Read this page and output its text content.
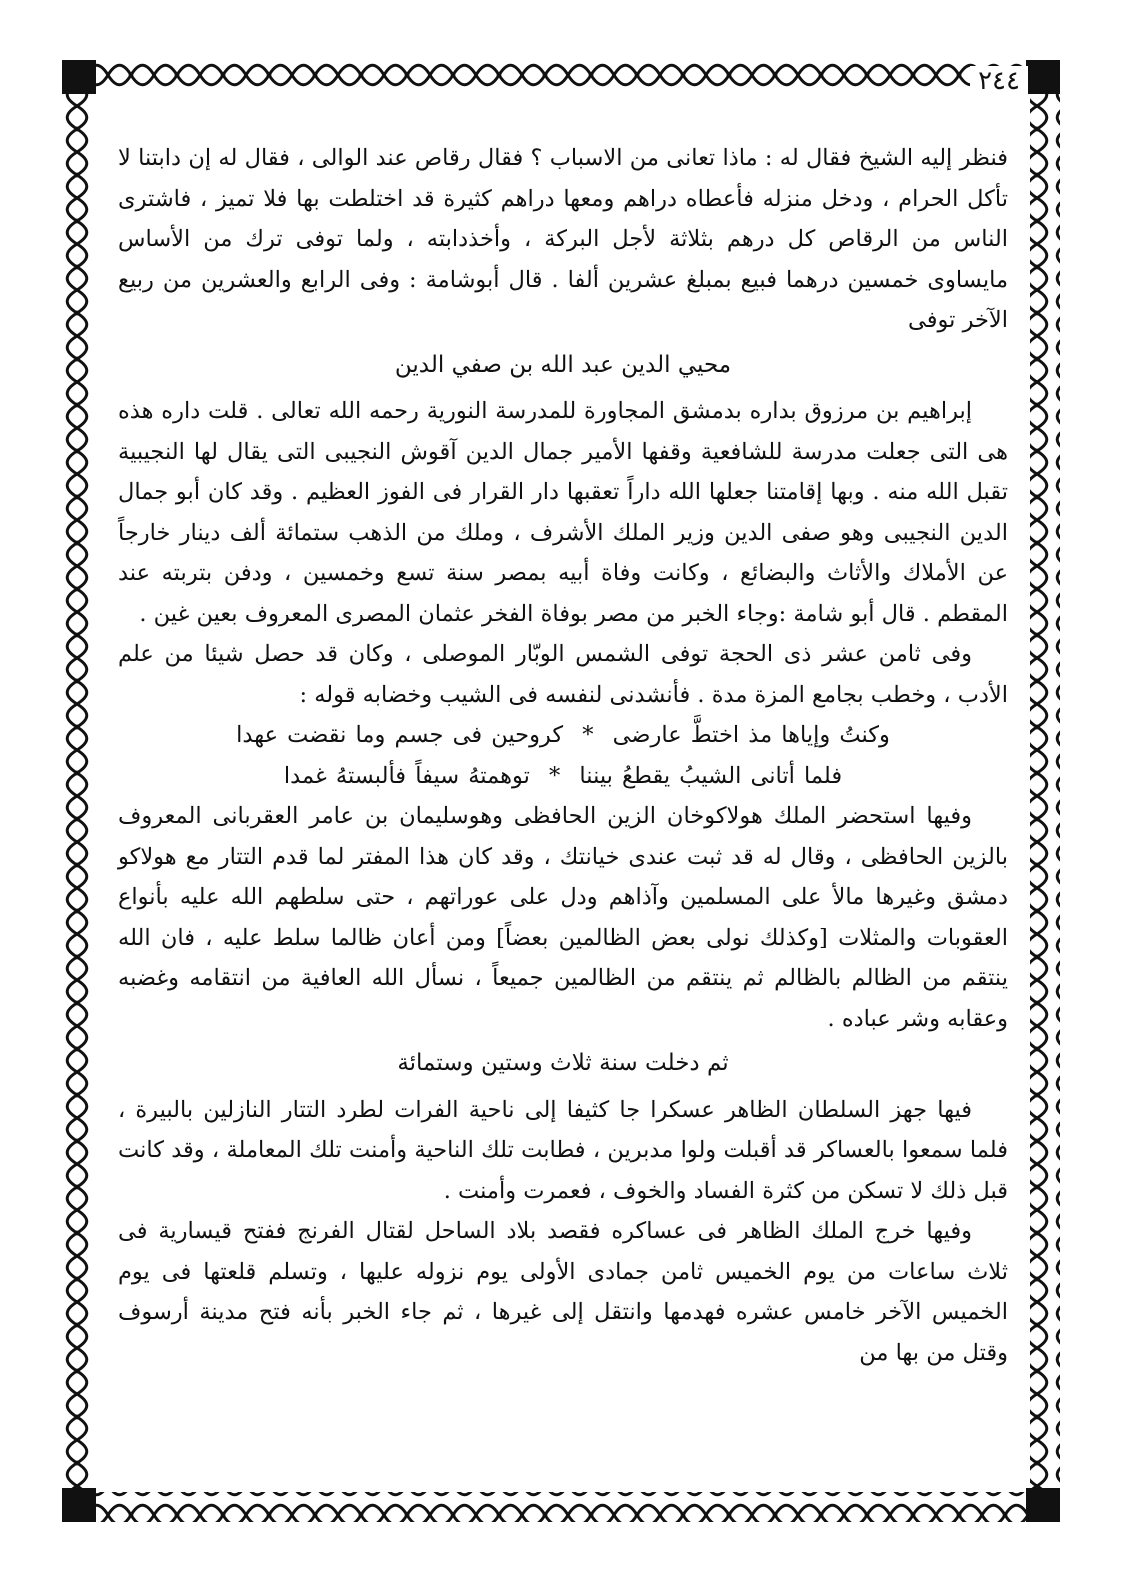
٢٤٤

فنظر إليه الشيخ فقال له : ماذا تعانى من الاسباب ؟ فقال رقاص عند الوالى ، فقال له إن دابتنا لا تأكل الحرام ، ودخل منزله فأعطاه دراهم ومعها دراهم كثيرة قد اختلطت بها فلا تميز ، فاشترى الناس من الرقاص كل درهم بثلاثة لأجل البركة ، وأخذدابته ، ولما توفى ترك من الأساس مايساوى خمسين درهما فبيع بمبلغ عشرين ألفا . قال أبوشامة : وفى الرابع والعشرين من ربيع الآخر توفى

محيي الدين عبد الله بن صفي الدين

إبراهيم بن مرزوق بداره بدمشق المجاورة للمدرسة النورية رحمه الله تعالى . قلت داره هذه هى التى جعلت مدرسة للشافعية وقفها الأمير جمال الدين آقوش النجيبى التى يقال لها النجيبية تقبل الله منه . وبها إقامتنا جعلها الله داراً تعقبها دار القرار فى الفوز العظيم . وقد كان أبو جمال الدين النجيبى وهو صفى الدين وزير الملك الأشرف ، وملك من الذهب ستمائة ألف دينار خارجاً عن الأملاك والأثاث والبضائع ، وكانت وفاة أبيه بمصر سنة تسع وخمسين ، ودفن بتربته عند المقطم . قال أبو شامة :وجاء الخبر من مصر بوفاة الفخر عثمان المصرى المعروف بعين غين .

وفى ثامن عشر ذى الحجة توفى الشمس الوبّار الموصلى ، وكان قد حصل شيئا من علم الأدب ، وخطب بجامع المزة مدة . فأنشدنى لنفسه فى الشيب وخضابه قوله :

وكنتُ وإياها مذ اختطَّ عارضى * كروحين فى جسم وما نقضت عهدا

فلما أتانى الشيبُ يقطعُ بيننا * توهمتهُ سيفاً فألبستهُ غمدا

وفيها استحضر الملك هولاكوخان الزين الحافظى وهوسليمان بن عامر العقربانى المعروف بالزين الحافظى ، وقال له قد ثبت عندى خيانتك ، وقد كان هذا المفتر لما قدم التتار مع هولاكو دمشق وغيرها مالأ على المسلمين وآذاهم ودل على عوراتهم ، حتى سلطهم الله عليه بأنواع العقوبات والمثلات [وكذلك نولى بعض الظالمين بعضاً] ومن أعان ظالما سلط عليه ، فان الله ينتقم من الظالم بالظالم ثم ينتقم من الظالمين جميعاً ، نسأل الله العافية من انتقامه وغضبه وعقابه وشر عباده .

ثم دخلت سنة ثلاث وستين وستمائة

فيها جهز السلطان الظاهر عسكرا جا كثيفا إلى ناحية الفرات لطرد التتار النازلين بالبيرة ، فلما سمعوا بالعساكر قد أقبلت ولوا مدبرين ، فطابت تلك الناحية وأمنت تلك المعاملة ، وقد كانت قبل ذلك لا تسكن من كثرة الفساد والخوف ، فعمرت وأمنت .

وفيها خرج الملك الظاهر فى عساكره فقصد بلاد الساحل لقتال الفرنج ففتح قيسارية فى ثلاث ساعات من يوم الخميس ثامن جمادى الأولى يوم نزوله عليها ، وتسلم قلعتها فى يوم الخميس الآخر خامس عشره فهدمها وانتقل إلى غيرها ، ثم جاء الخبر بأنه فتح مدينة أرسوف وقتل من بها من
